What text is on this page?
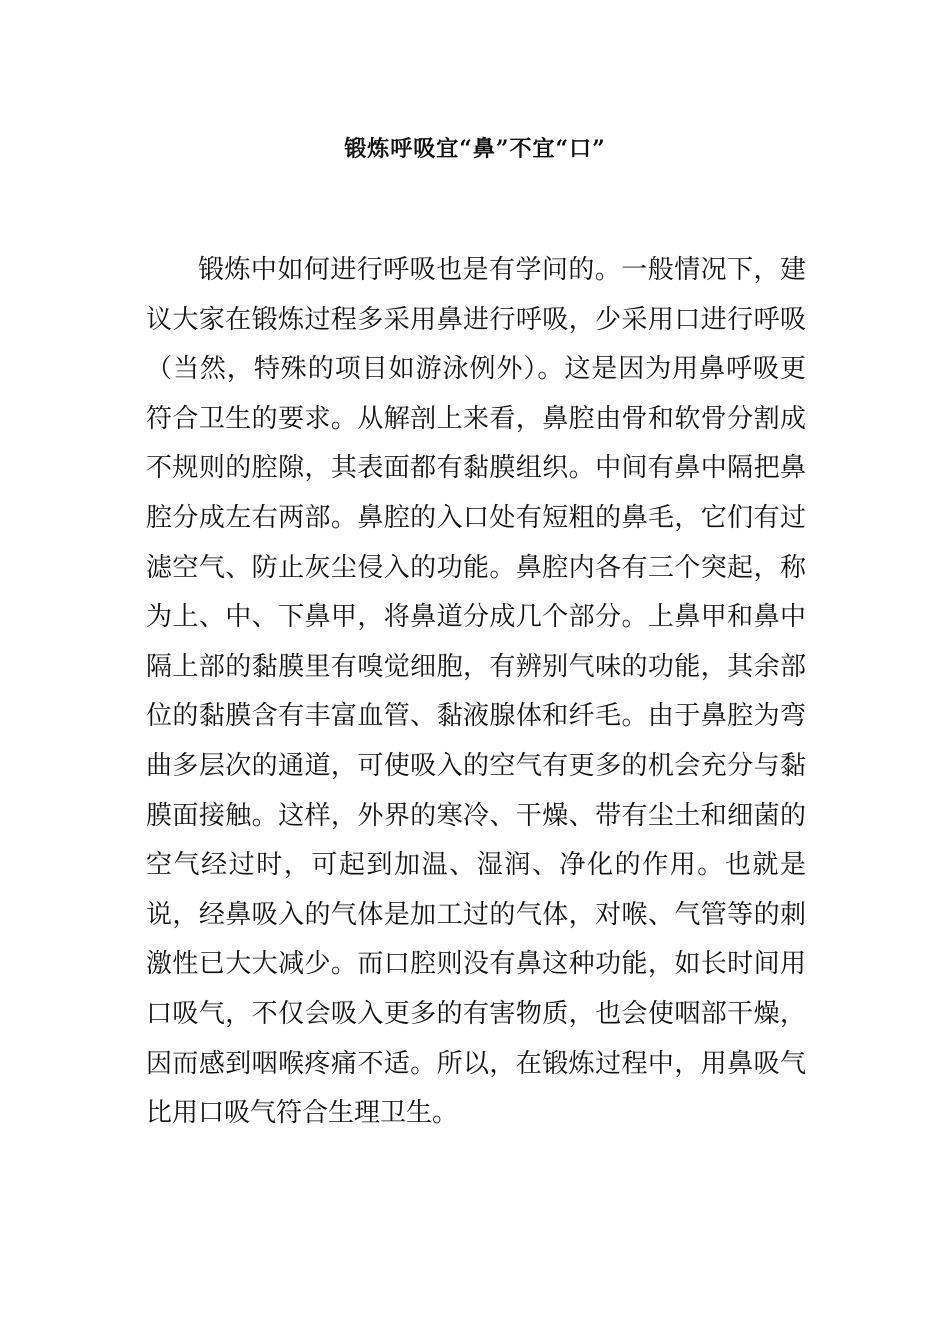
锻炼呼吸宜“鼻”不宜“口”

锻炼中如何进行呼吸也是有学问的。一般情况下，建议大家在锻炼过程多采用鼻进行呼吸，少采用口进行呼吸（当然，特殊的项目如游泳例外）。这是因为用鼻呼吸更符合卫生的要求。从解剖上来看，鼻腔由骨和软骨分割成不规则的腔隙，其表面都有黏膜组织。中间有鼻中隔把鼻腔分成左右两部。鼻腔的入口处有短粗的鼻毛，它们有过滤空气、防止灰尘侵入的功能。鼻腔内各有三个突起，称为上、中、下鼻甲，将鼻道分成几个部分。上鼻甲和鼻中隔上部的黏膜里有嗅觉细胞，有辨别气味的功能，其余部位的黏膜含有丰富血管、黏液腺体和纤毛。由于鼻腔为弯曲多层次的通道，可使吸入的空气有更多的机会充分与黏膜面接触。这样，外界的寒冷、干燥、带有尘土和细菌的空气经过时，可起到加温、湿润、净化的作用。也就是说，经鼻吸入的气体是加工过的气体，对喉、气管等的刺激性已大大减少。而口腔则没有鼻这种功能，如长时间用口吸气，不仅会吸入更多的有害物质，也会使咽部干燥，因而感到咽喉疼痛不适。所以，在锻炼过程中，用鼻吸气比用口吸气符合生理卫生。
